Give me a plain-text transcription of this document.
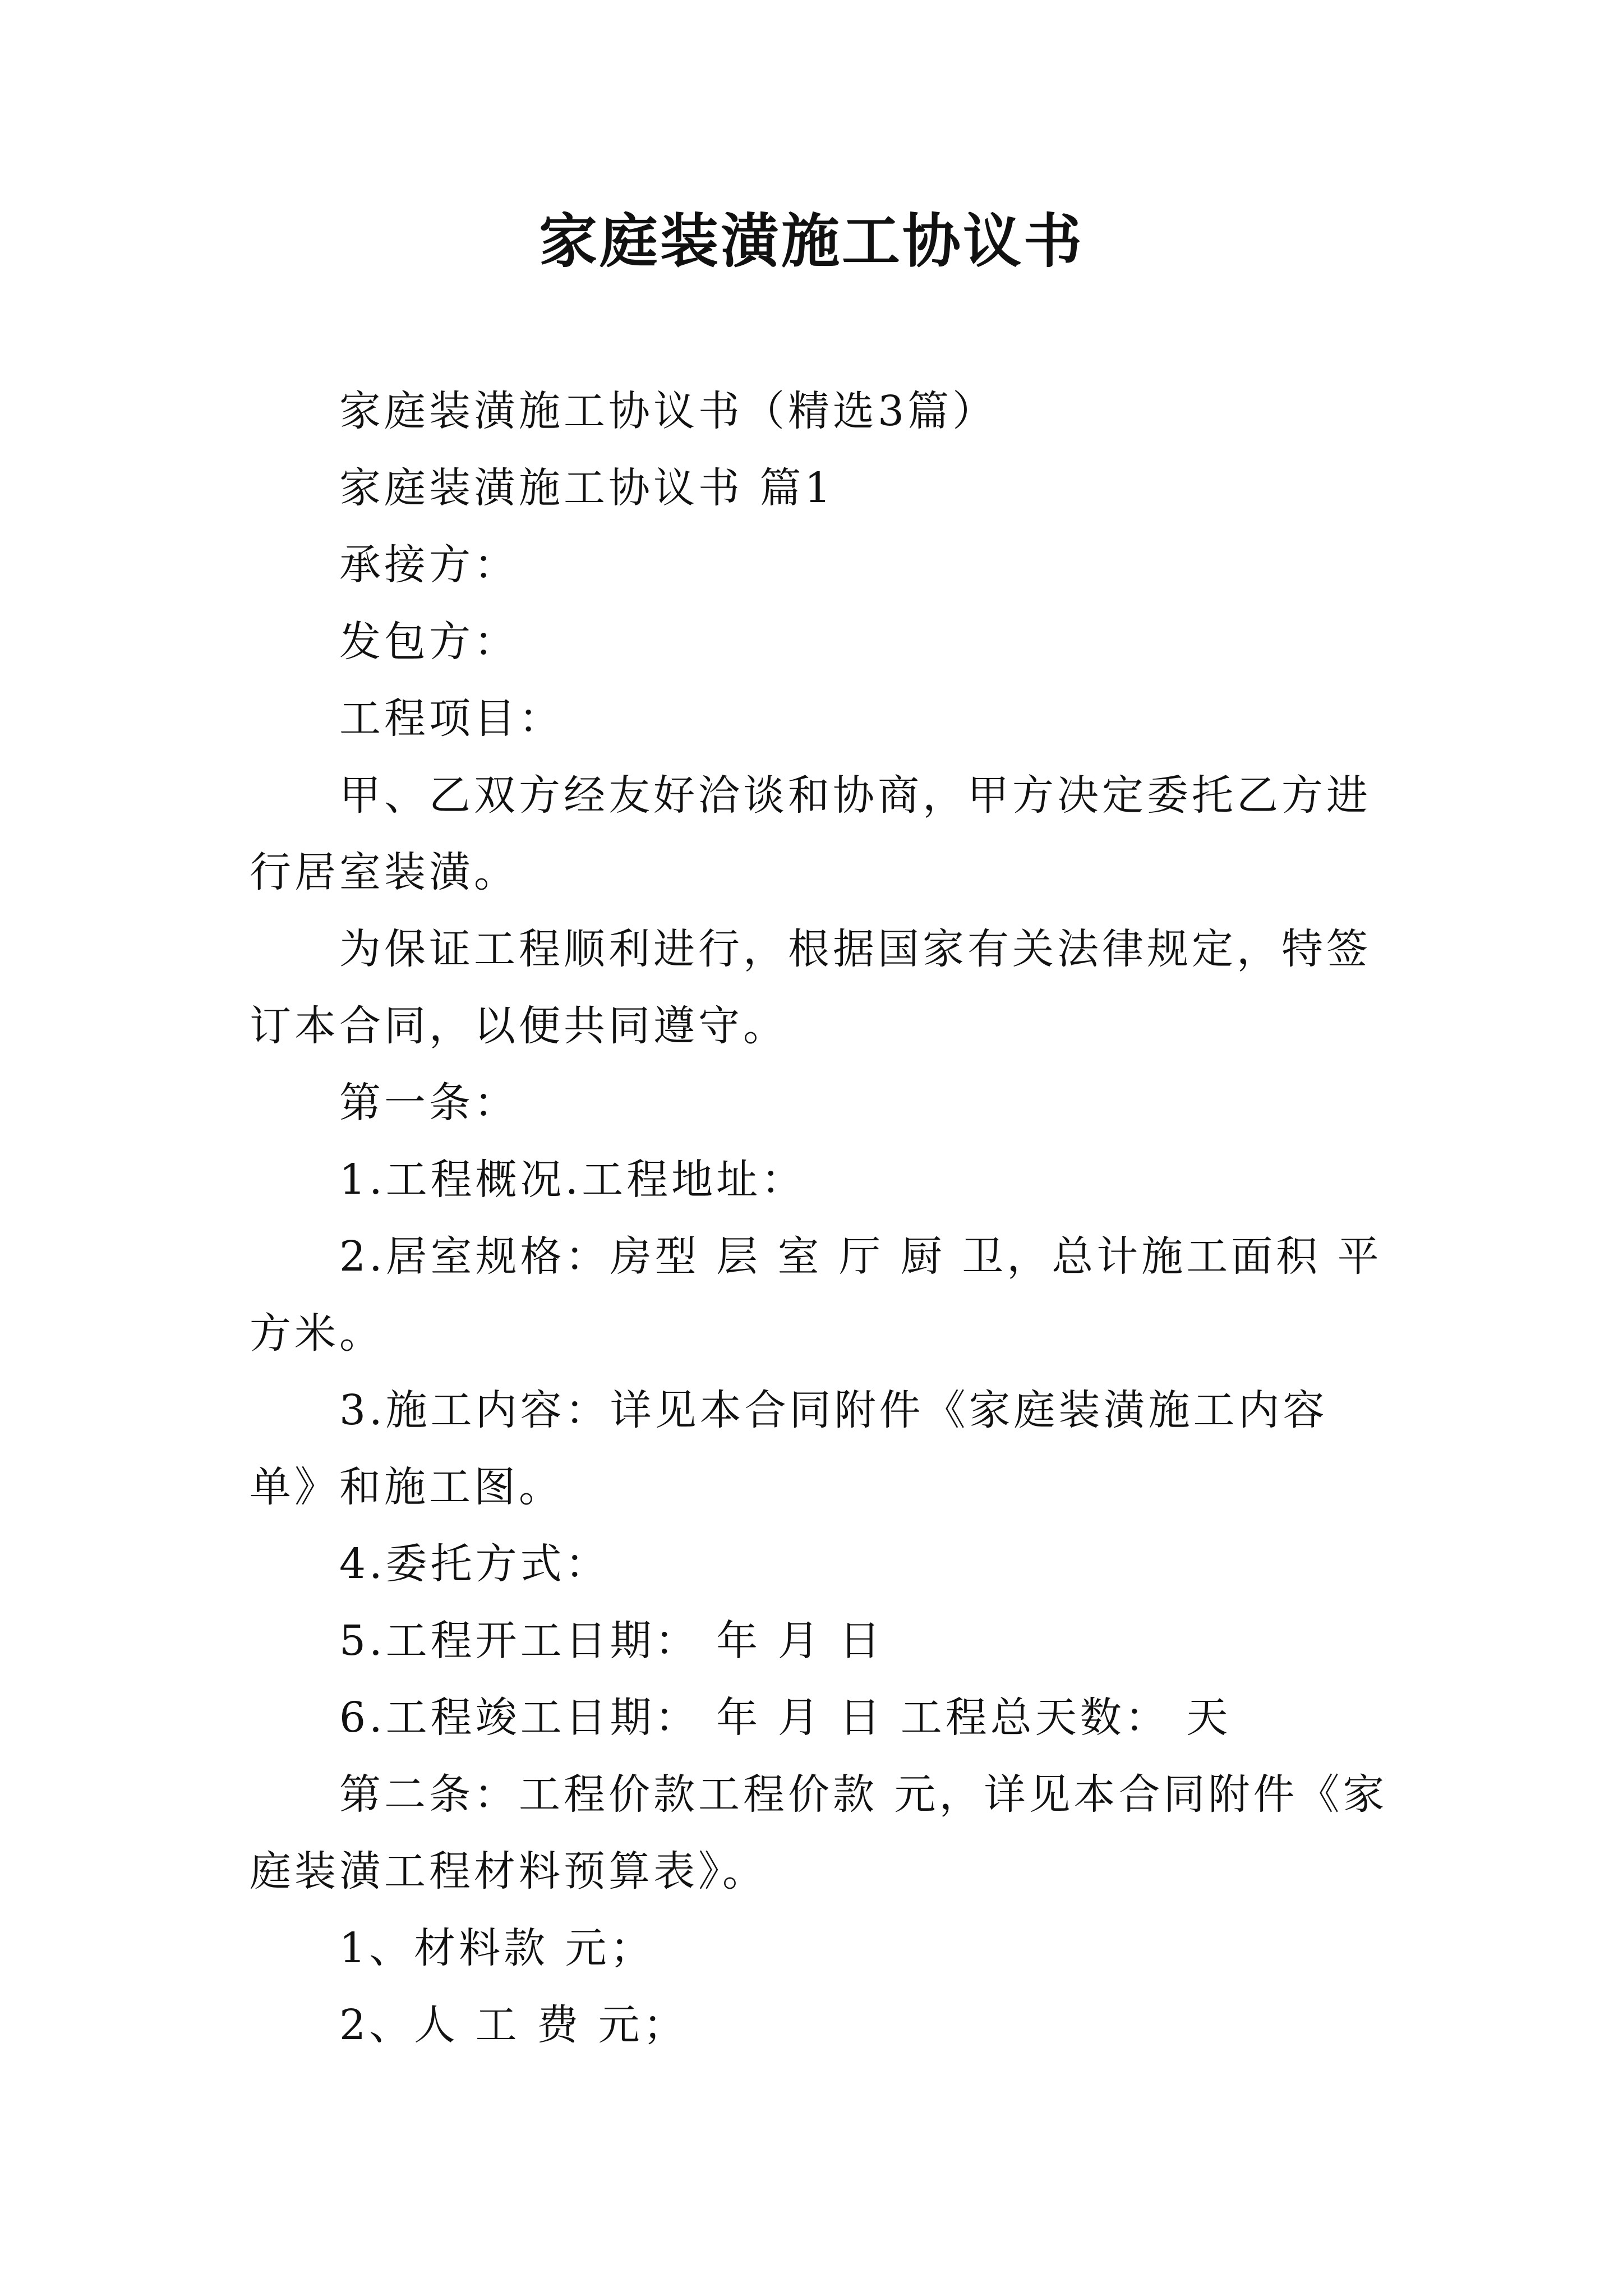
家庭装潢施工协议书

家庭装潢施工协议书（精选3篇）

家庭装潢施工协议书 篇1

承接方：

发包方：

工程项目：

甲、乙双方经友好洽谈和协商，甲方决定委托乙方进行居室装潢。

为保证工程顺利进行，根据国家有关法律规定，特签订本合同，以便共同遵守。

第一条：

1.工程概况.工程地址：

2.居室规格：房型 层 室 厅 厨 卫，总计施工面积 平方米。

3.施工内容：详见本合同附件《家庭装潢施工内容单》和施工图。

4.委托方式：

5.工程开工日期： 年 月 日

6.工程竣工日期： 年 月 日 工程总天数： 天

第二条：工程价款工程价款 元，详见本合同附件《家庭装潢工程材料预算表》。

1、材料款 元；

2、人 工 费 元；
